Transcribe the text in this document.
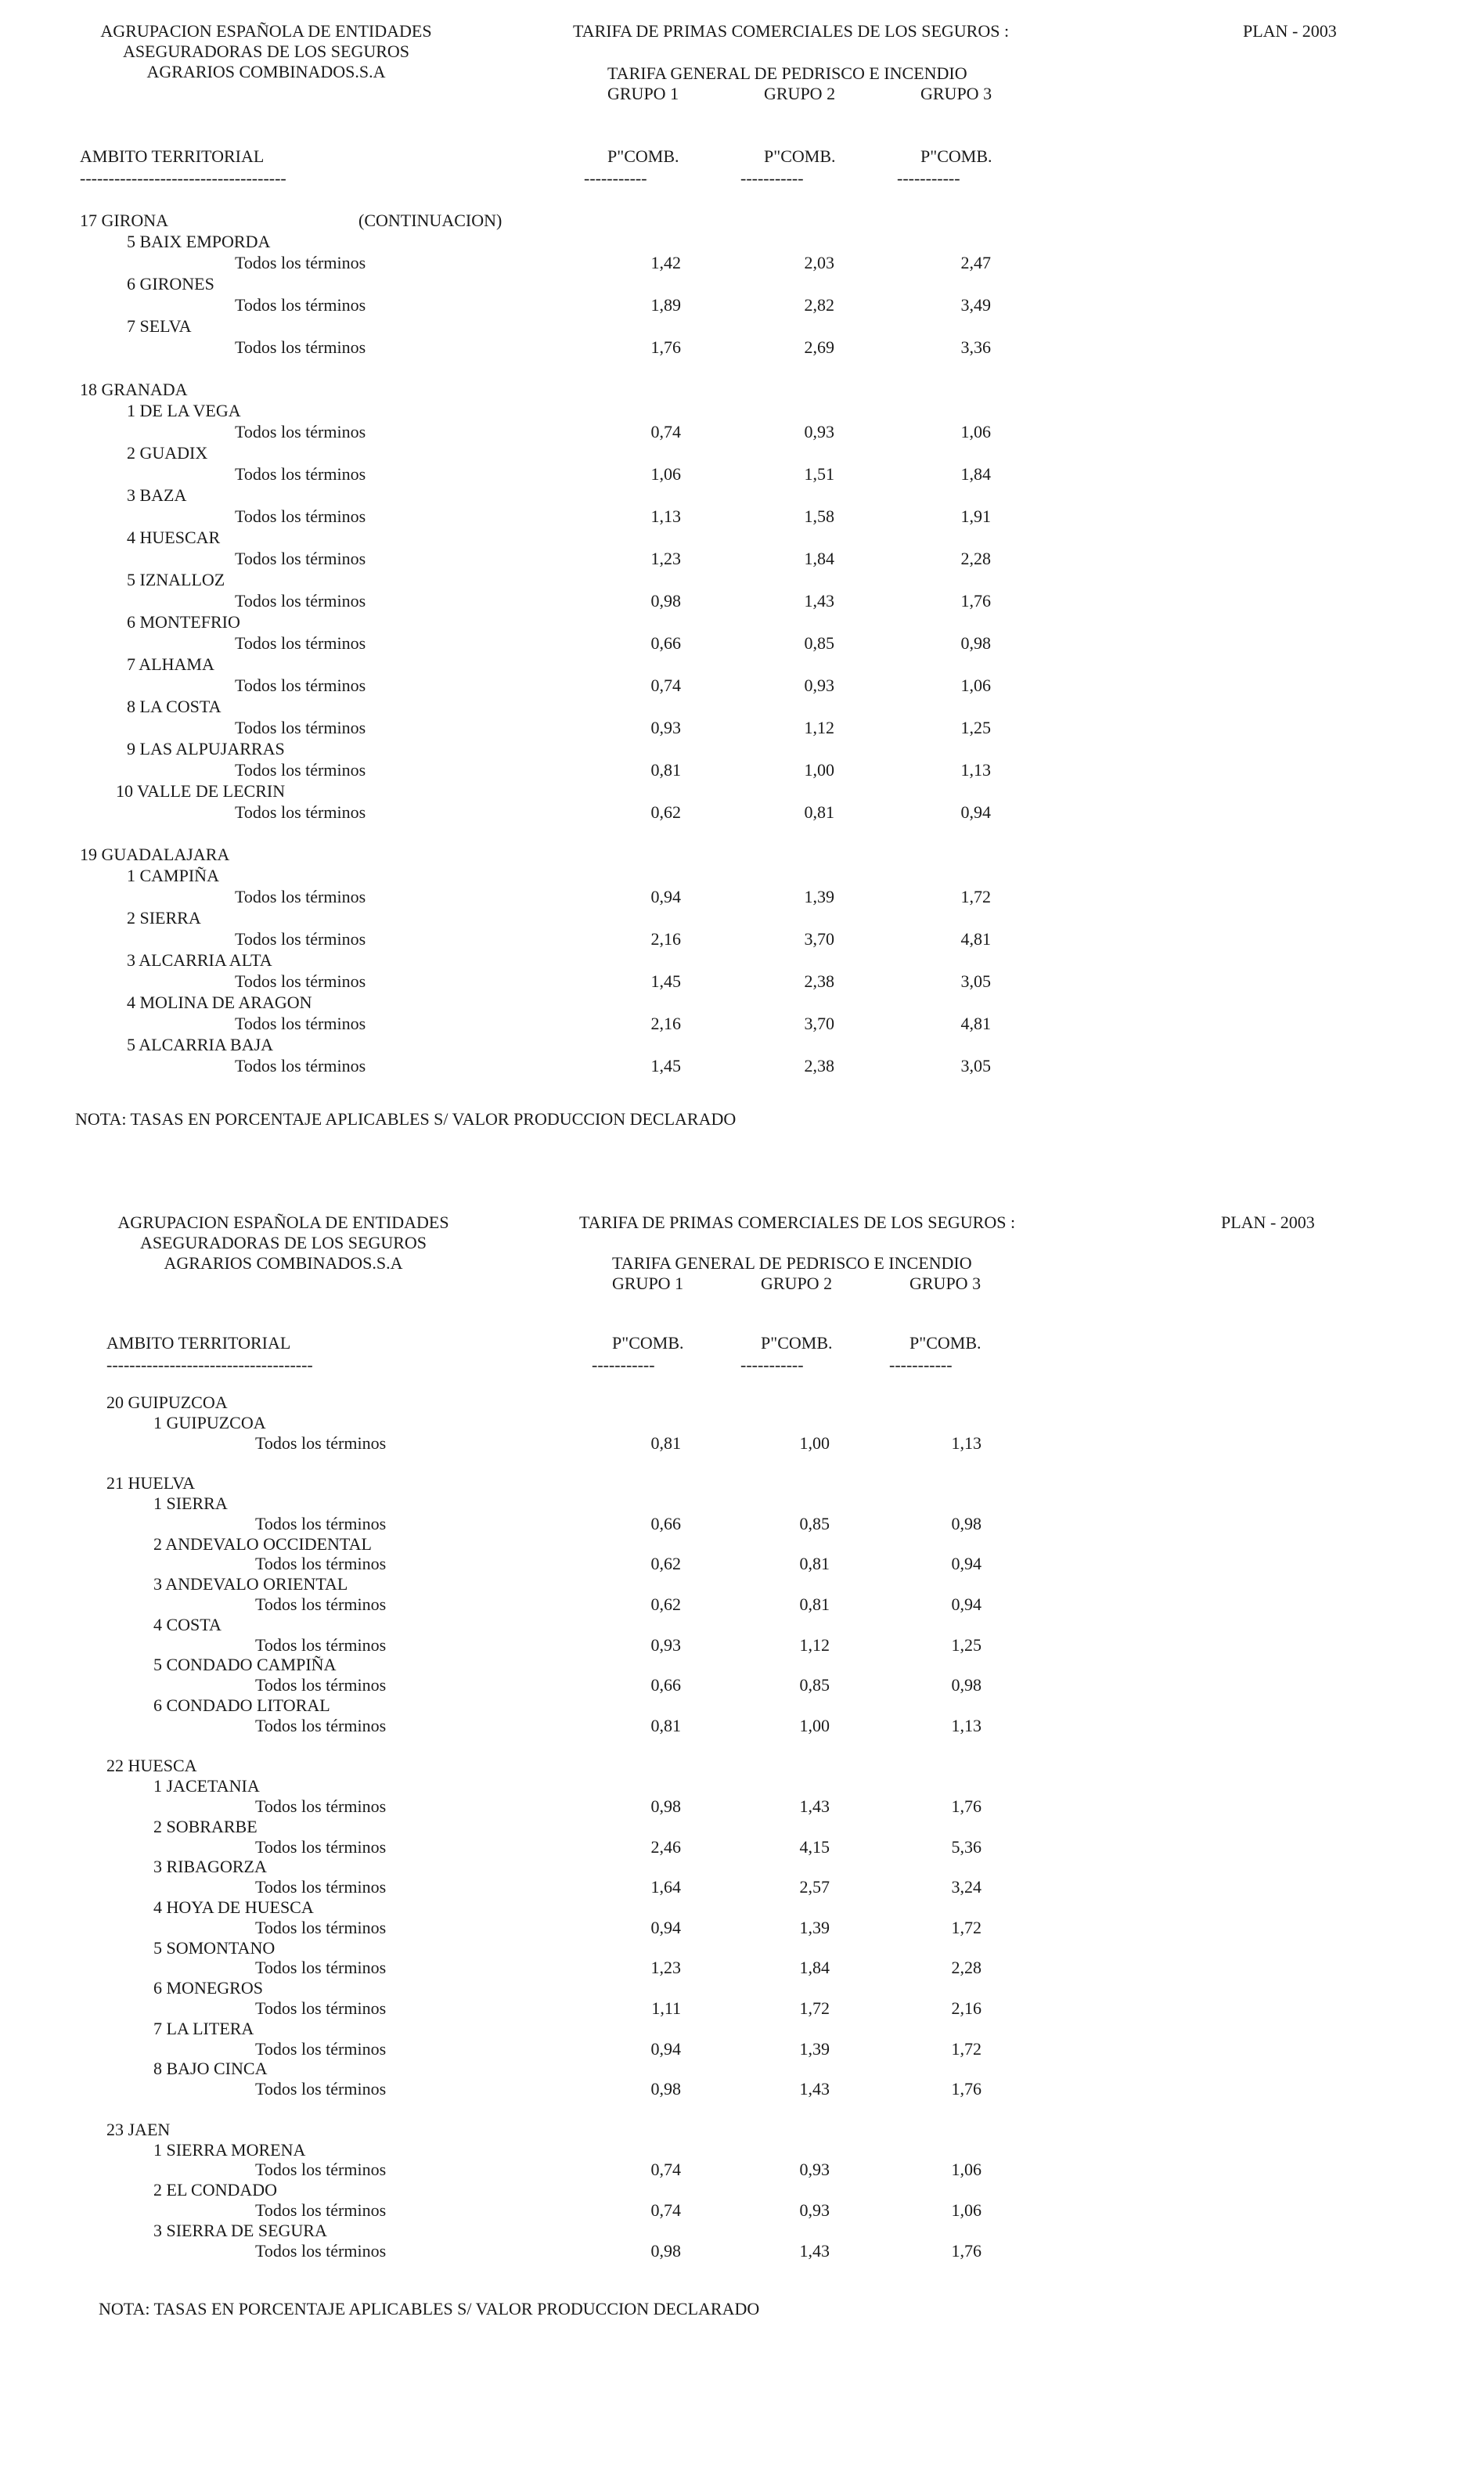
AGRUPACION ESPAÑOLA DE ENTIDADES
ASEGURADORAS DE LOS SEGUROS
AGRARIOS COMBINADOS.S.A
TARIFA DE PRIMAS COMERCIALES DE LOS SEGUROS :	PLAN - 2003
TARIFA GENERAL DE PEDRISCO E INCENDIO
GRUPO 1	GRUPO 2	GRUPO 3
AMBITO TERRITORIAL	P"COMB.	P"COMB.	P"COMB.
------------------------------------	-----------	-----------	-----------
17 GIRONA	(CONTINUACION)
5 BAIX EMPORDA
Todos los términos	1,42	2,03	2,47
6 GIRONES
Todos los términos	1,89	2,82	3,49
7 SELVA
Todos los términos	1,76	2,69	3,36
18 GRANADA
1 DE LA VEGA
Todos los términos	0,74	0,93	1,06
2 GUADIX
Todos los términos	1,06	1,51	1,84
3 BAZA
Todos los términos	1,13	1,58	1,91
4 HUESCAR
Todos los términos	1,23	1,84	2,28
5 IZNALLOZ
Todos los términos	0,98	1,43	1,76
6 MONTEFRIO
Todos los términos	0,66	0,85	0,98
7 ALHAMA
Todos los términos	0,74	0,93	1,06
8 LA COSTA
Todos los términos	0,93	1,12	1,25
9 LAS ALPUJARRAS
Todos los términos	0,81	1,00	1,13
10 VALLE DE LECRIN
Todos los términos	0,62	0,81	0,94
19 GUADALAJARA
1 CAMPIÑA
Todos los términos	0,94	1,39	1,72
2 SIERRA
Todos los términos	2,16	3,70	4,81
3 ALCARRIA ALTA
Todos los términos	1,45	2,38	3,05
4 MOLINA DE ARAGON
Todos los términos	2,16	3,70	4,81
5 ALCARRIA BAJA
Todos los términos	1,45	2,38	3,05
NOTA: TASAS EN PORCENTAJE APLICABLES S/ VALOR PRODUCCION DECLARADO
AGRUPACION ESPAÑOLA DE ENTIDADES
ASEGURADORAS DE LOS SEGUROS
AGRARIOS COMBINADOS.S.A
TARIFA DE PRIMAS COMERCIALES DE LOS SEGUROS :	PLAN - 2003
TARIFA GENERAL DE PEDRISCO E INCENDIO
GRUPO 1	GRUPO 2	GRUPO 3
AMBITO TERRITORIAL	P"COMB.	P"COMB.	P"COMB.
------------------------------------	-----------	-----------	-----------
20 GUIPUZCOA
1 GUIPUZCOA
Todos los términos	0,81	1,00	1,13
21 HUELVA
1 SIERRA
Todos los términos	0,66	0,85	0,98
2 ANDEVALO OCCIDENTAL
Todos los términos	0,62	0,81	0,94
3 ANDEVALO ORIENTAL
Todos los términos	0,62	0,81	0,94
4 COSTA
Todos los términos	0,93	1,12	1,25
5 CONDADO CAMPIÑA
Todos los términos	0,66	0,85	0,98
6 CONDADO LITORAL
Todos los términos	0,81	1,00	1,13
22 HUESCA
1 JACETANIA
Todos los términos	0,98	1,43	1,76
2 SOBRARBE
Todos los términos	2,46	4,15	5,36
3 RIBAGORZA
Todos los términos	1,64	2,57	3,24
4 HOYA DE HUESCA
Todos los términos	0,94	1,39	1,72
5 SOMONTANO
Todos los términos	1,23	1,84	2,28
6 MONEGROS
Todos los términos	1,11	1,72	2,16
7 LA LITERA
Todos los términos	0,94	1,39	1,72
8 BAJO CINCA
Todos los términos	0,98	1,43	1,76
23 JAEN
1 SIERRA MORENA
Todos los términos	0,74	0,93	1,06
2 EL CONDADO
Todos los términos	0,74	0,93	1,06
3 SIERRA DE SEGURA
Todos los términos	0,98	1,43	1,76
NOTA: TASAS EN PORCENTAJE APLICABLES S/ VALOR PRODUCCION DECLARADO
